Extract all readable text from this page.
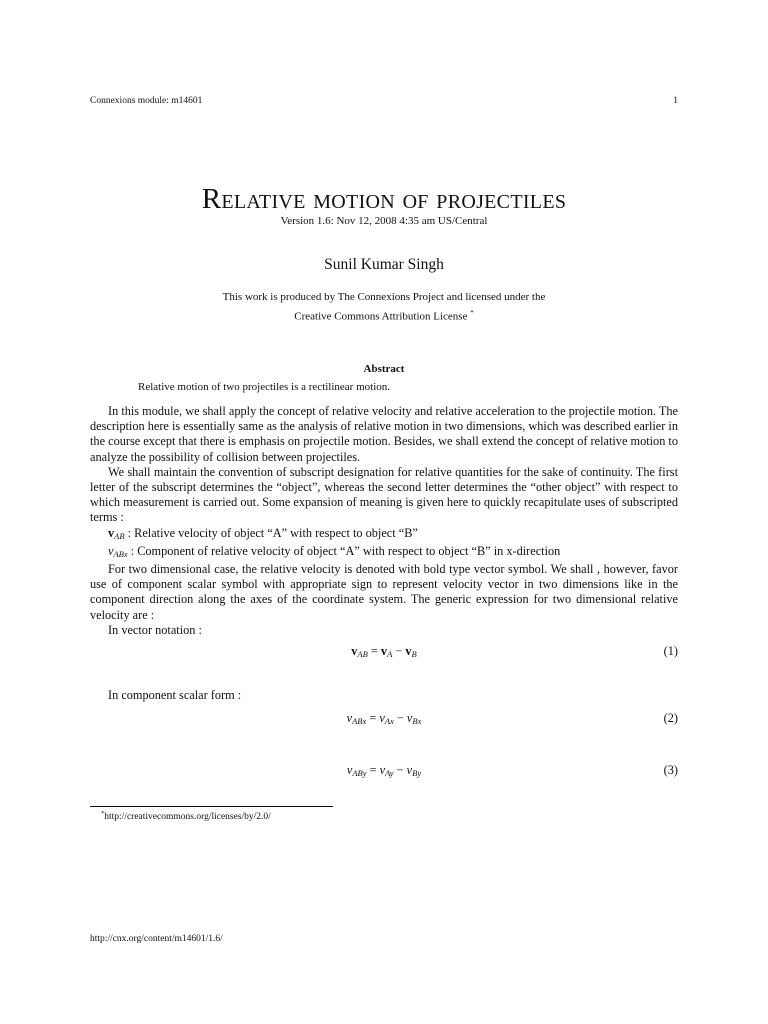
Connexions module: m14601	1
Relative motion of projectiles
Version 1.6: Nov 12, 2008 4:35 am US/Central
Sunil Kumar Singh
This work is produced by The Connexions Project and licensed under the
Creative Commons Attribution License *
Abstract
Relative motion of two projectiles is a rectilinear motion.

In this module, we shall apply the concept of relative velocity and relative acceleration to the projectile motion. The description here is essentially same as the analysis of relative motion in two dimensions, which was described earlier in the course except that there is emphasis on projectile motion. Besides, we shall extend the concept of relative motion to analyze the possibility of collision between projectiles.

We shall maintain the convention of subscript designation for relative quantities for the sake of continuity. The first letter of the subscript determines the “object”, whereas the second letter determines the “other object” with respect to which measurement is carried out. Some expansion of meaning is given here to quickly recapitulate uses of subscripted terms :

$v_{AB}$ : Relative velocity of object “A” with respect to object “B”

$v_{ABx}$ : Component of relative velocity of object “A” with respect to object “B” in x-direction

For two dimensional case, the relative velocity is denoted with bold type vector symbol. We shall , however, favor use of component scalar symbol with appropriate sign to represent velocity vector in two dimensions like in the component direction along the axes of the coordinate system. The generic expression for two dimensional relative velocity are :

In vector notation :

$v_{AB} = v_A - v_B$	(1)
In component scalar form :
$v_{ABx} = v_{Ax} - v_{Bx}$	(2)
$v_{ABy} = v_{Ay} - v_{By}$	(3)
*http://creativecommons.org/licenses/by/2.0/
http://cnx.org/content/m14601/1.6/
